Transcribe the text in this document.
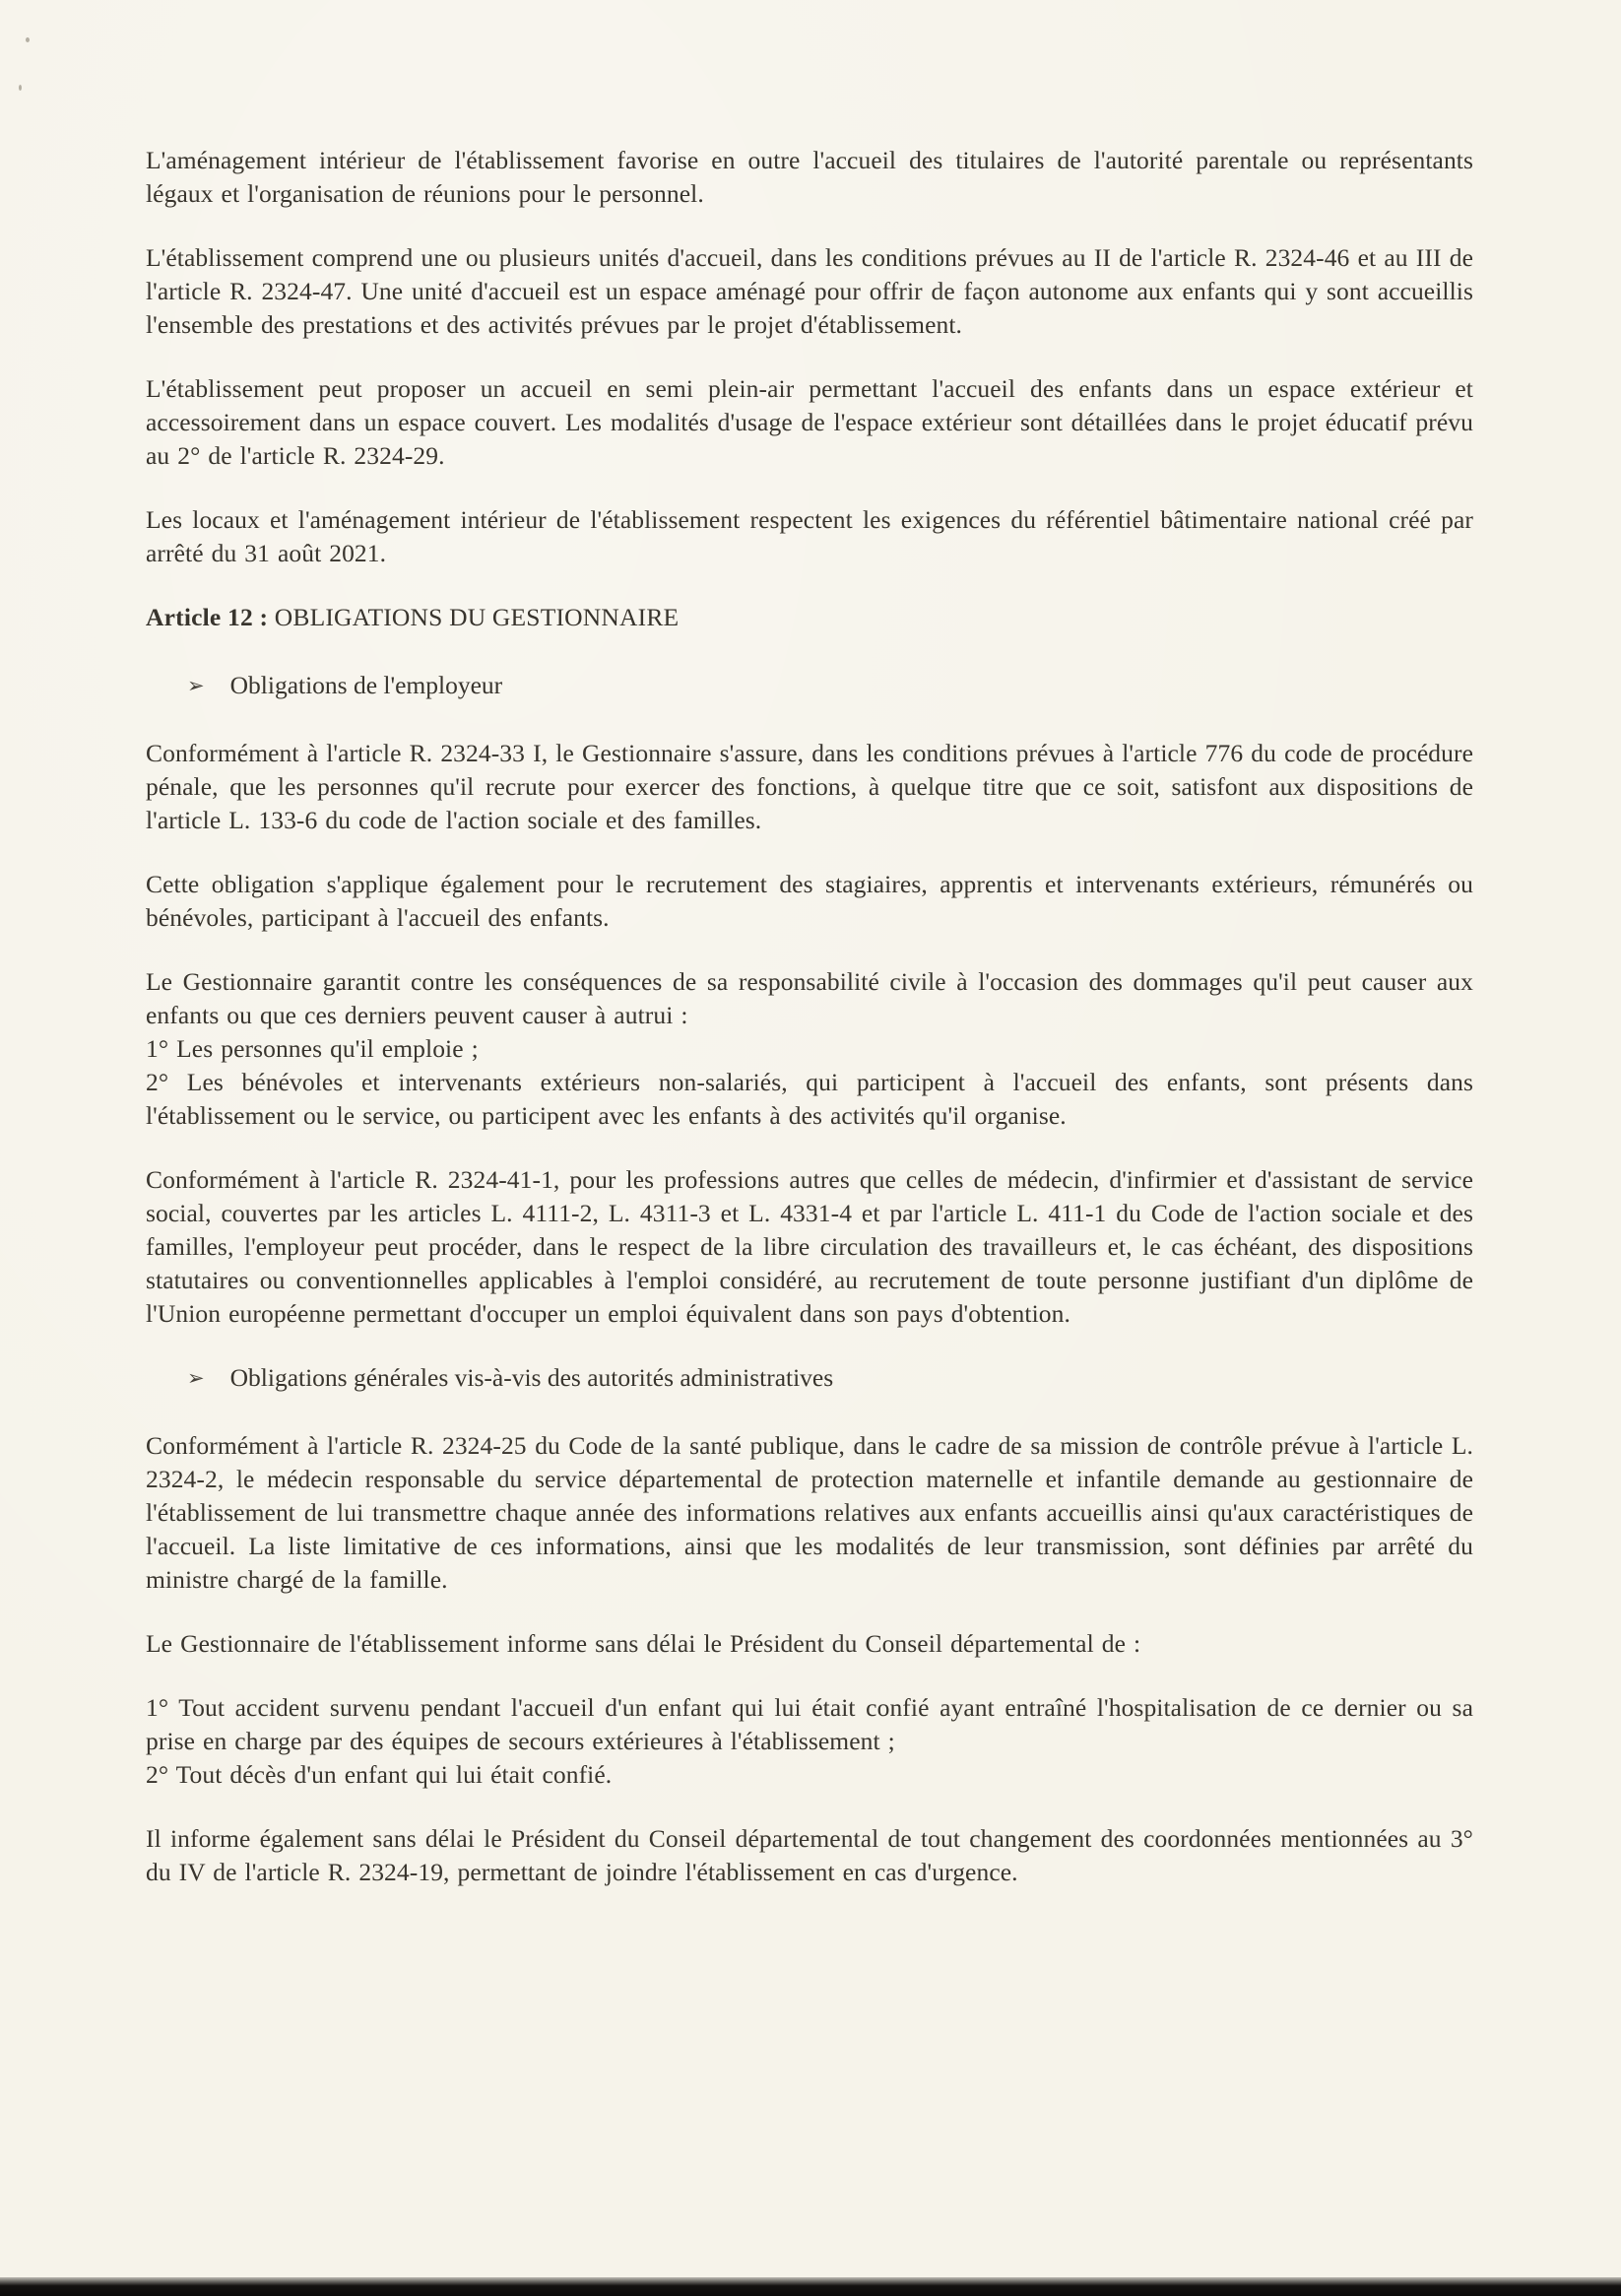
L'aménagement intérieur de l'établissement favorise en outre l'accueil des titulaires de l'autorité parentale ou représentants légaux et l'organisation de réunions pour le personnel.

L'établissement comprend une ou plusieurs unités d'accueil, dans les conditions prévues au II de l'article R. 2324-46 et au III de l'article R. 2324-47. Une unité d'accueil est un espace aménagé pour offrir de façon autonome aux enfants qui y sont accueillis l'ensemble des prestations et des activités prévues par le projet d'établissement.

L'établissement peut proposer un accueil en semi plein-air permettant l'accueil des enfants dans un espace extérieur et accessoirement dans un espace couvert. Les modalités d'usage de l'espace extérieur sont détaillées dans le projet éducatif prévu au 2° de l'article R. 2324-29.

Les locaux et l'aménagement intérieur de l'établissement respectent les exigences du référentiel bâtimentaire national créé par arrêté du 31 août 2021.

Article 12 : OBLIGATIONS DU GESTIONNAIRE
➢ Obligations de l'employeur

Conformément à l'article R. 2324-33 I, le Gestionnaire s'assure, dans les conditions prévues à l'article 776 du code de procédure pénale, que les personnes qu'il recrute pour exercer des fonctions, à quelque titre que ce soit, satisfont aux dispositions de l'article L. 133-6 du code de l'action sociale et des familles.

Cette obligation s'applique également pour le recrutement des stagiaires, apprentis et intervenants extérieurs, rémunérés ou bénévoles, participant à l'accueil des enfants.

Le Gestionnaire garantit contre les conséquences de sa responsabilité civile à l'occasion des dommages qu'il peut causer aux enfants ou que ces derniers peuvent causer à autrui :
1° Les personnes qu'il emploie ;
2° Les bénévoles et intervenants extérieurs non-salariés, qui participent à l'accueil des enfants, sont présents dans l'établissement ou le service, ou participent avec les enfants à des activités qu'il organise.

Conformément à l'article R. 2324-41-1, pour les professions autres que celles de médecin, d'infirmier et d'assistant de service social, couvertes par les articles L. 4111-2, L. 4311-3 et L. 4331-4 et par l'article L. 411-1 du Code de l'action sociale et des familles, l'employeur peut procéder, dans le respect de la libre circulation des travailleurs et, le cas échéant, des dispositions statutaires ou conventionnelles applicables à l'emploi considéré, au recrutement de toute personne justifiant d'un diplôme de l'Union européenne permettant d'occuper un emploi équivalent dans son pays d'obtention.

➢ Obligations générales vis-à-vis des autorités administratives

Conformément à l'article R. 2324-25 du Code de la santé publique, dans le cadre de sa mission de contrôle prévue à l'article L. 2324-2, le médecin responsable du service départemental de protection maternelle et infantile demande au gestionnaire de l'établissement de lui transmettre chaque année des informations relatives aux enfants accueillis ainsi qu'aux caractéristiques de l'accueil. La liste limitative de ces informations, ainsi que les modalités de leur transmission, sont définies par arrêté du ministre chargé de la famille.

Le Gestionnaire de l'établissement informe sans délai le Président du Conseil départemental de :

1° Tout accident survenu pendant l'accueil d'un enfant qui lui était confié ayant entraîné l'hospitalisation de ce dernier ou sa prise en charge par des équipes de secours extérieures à l'établissement ;
2° Tout décès d'un enfant qui lui était confié.

Il informe également sans délai le Président du Conseil départemental de tout changement des coordonnées mentionnées au 3° du IV de l'article R. 2324-19, permettant de joindre l'établissement en cas d'urgence.
